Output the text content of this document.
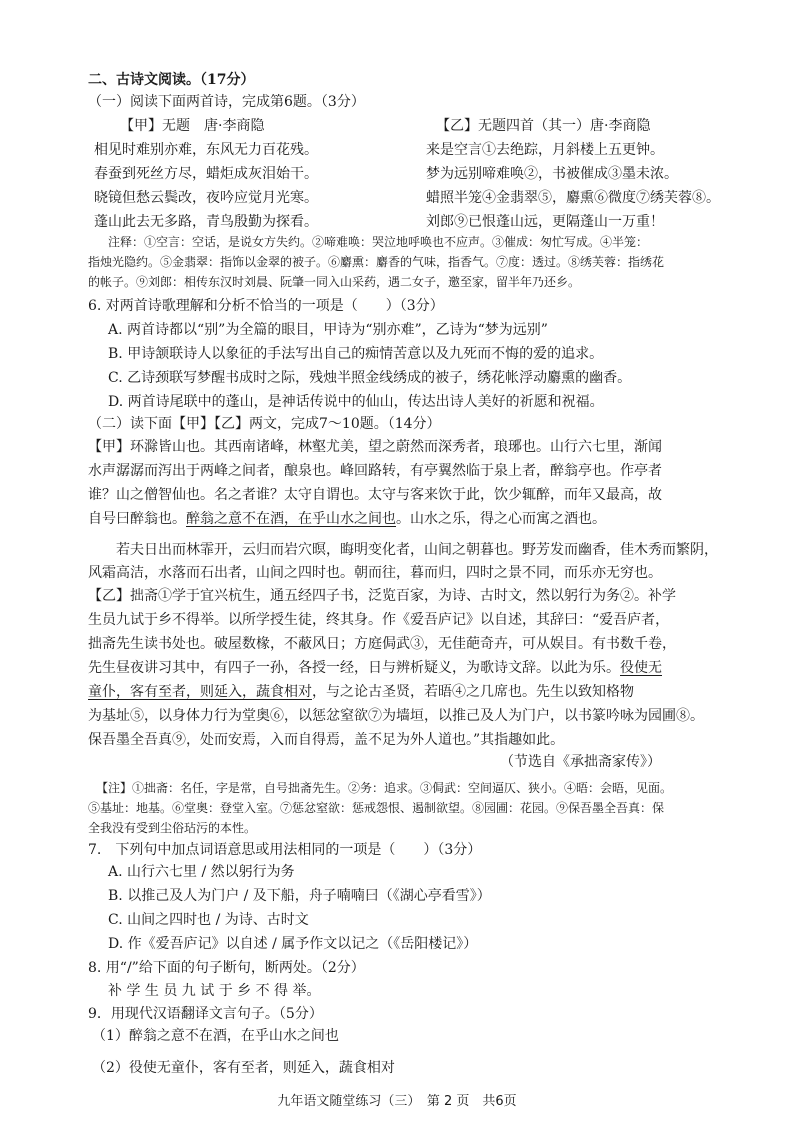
二、古诗文阅读。（17分）
（一）阅读下面两首诗，完成第6题。（3分）
【甲】无题　唐·李商隐
相见时难别亦难，东风无力百花残。
春蚕到死丝方尽，蜡炬成灰泪始干。
晓镜但愁云鬓改，夜吟应觉月光寒。
蓬山此去无多路，青鸟殷勤为探看。
【乙】无题四首（其一）唐·李商隐
来是空言①去绝踪，月斜楼上五更钟。
梦为远别啼难唤②，书被催成③墨未浓。
蜡照半笼④金翡翠⑤，麝熏⑥微度⑦绣芙蓉⑧。
刘郎⑨已恨蓬山远，更隔蓬山一万重！
注释：①空言：空话，是说女方失约。②啼难唤：哭泣地呼唤也不应声。③催成：匆忙写成。④半笼：
指烛光隐约。⑤金翡翠：指饰以金翠的被子。⑥麝熏：麝香的气味，指香气。⑦度：透过。⑧绣芙蓉：指绣花
的帐子。⑨刘郎：相传东汉时刘晨、阮肇一同入山采药，遇二女子，邀至家，留半年乃还乡。
6. 对两首诗歌理解和分析不恰当的一项是（　　）（3分）
A. 两首诗都以“别”为全篇的眼目，甲诗为“别亦难”，乙诗为“梦为远别”
B. 甲诗颔联诗人以象征的手法写出自己的痴情苦意以及九死而不悔的爱的追求。
C. 乙诗颈联写梦醒书成时之际，残烛半照金线绣成的被子，绣花帐浮动麝熏的幽香。
D. 两首诗尾联中的蓬山，是神话传说中的仙山，传达出诗人美好的祈愿和祝福。
（二）读下面【甲】【乙】两文，完成7～10题。（14分）
【甲】环滁皆山也。其西南诸峰，林壑尤美，望之蔚然而深秀者，琅琊也。山行六七里，渐闻
水声潺潺而泻出于两峰之间者，酿泉也。峰回路转，有亭翼然临于泉上者，醉翁亭也。作亭者
谁？山之僧智仙也。名之者谁？太守自谓也。太守与客来饮于此，饮少辄醉，而年又最高，故
自号曰醉翁也。醉翁之意不在酒，在乎山水之间也。山水之乐，得之心而寓之酒也。
　　若夫日出而林霏开，云归而岩穴暝，晦明变化者，山间之朝暮也。野芳发而幽香，佳木秀而繁阴，
风霜高洁，水落而石出者，山间之四时也。朝而往，暮而归，四时之景不同，而乐亦无穷也。
【乙】拙斋①学于宜兴杭生，通五经四子书，泛览百家，为诗、古时文，然以躬行为务②。补学
生员九试于乡不得举。以所学授生徒，终其身。作《爱吾庐记》以自述，其辞曰：“爱吾庐者，
拙斋先生读书处也。破屋数椽，不蔽风日；方庭侷武③，无佳葩奇卉，可从娱目。有书数千卷，
先生昼夜讲习其中，有四子一孙，各授一经，日与辨析疑义，为歌诗文辞。以此为乐。役使无
童仆，客有至者，则延入，蔬食相对，与之论古圣贤，若晤④之几席也。先生以致知格物
为基址⑤，以身体力行为堂奥⑥，以惩忿窒欲⑦为墙垣，以推己及人为门户，以书篆吟咏为园圃⑧。
保吾墨全吾真⑨，处而安焉，入而自得焉，盖不足为外人道也。”其指趣如此。
（节选自《承拙斋家传》）
【注】①拙斋：名任，字是常，自号拙斋先生。②务：追求。③侷武：空间逼仄、狭小。④晤：会晤，见面。
⑤基址：地基。⑥堂奥：登堂入室。⑦惩忿窒欲：惩戒怨恨、遏制欲望。⑧园圃：花园。⑨保吾墨全吾真：保
全我没有受到尘俗玷污的本性。
7.　下列句中加点词语意思或用法相同的一项是（　　）（3分）
A. 山行六七里 / 然以躬行为务
B. 以推己及人为门户 / 及下船，舟子喃喃曰（《湖心亭看雪》）
C. 山间之四时也 / 为诗、古时文
D. 作《爱吾庐记》以自述 / 属予作文以记之（《岳阳楼记》）
8. 用“/”给下面的句子断句，断两处。（2分）
补 学 生 员 九 试 于 乡 不 得 举。
9．用现代汉语翻译文言句子。（5分）
（1）醉翁之意不在酒，在乎山水之间也
（2）役使无童仆，客有至者，则延入，蔬食相对
九年语文随堂练习（三）　第 2 页　共6页
